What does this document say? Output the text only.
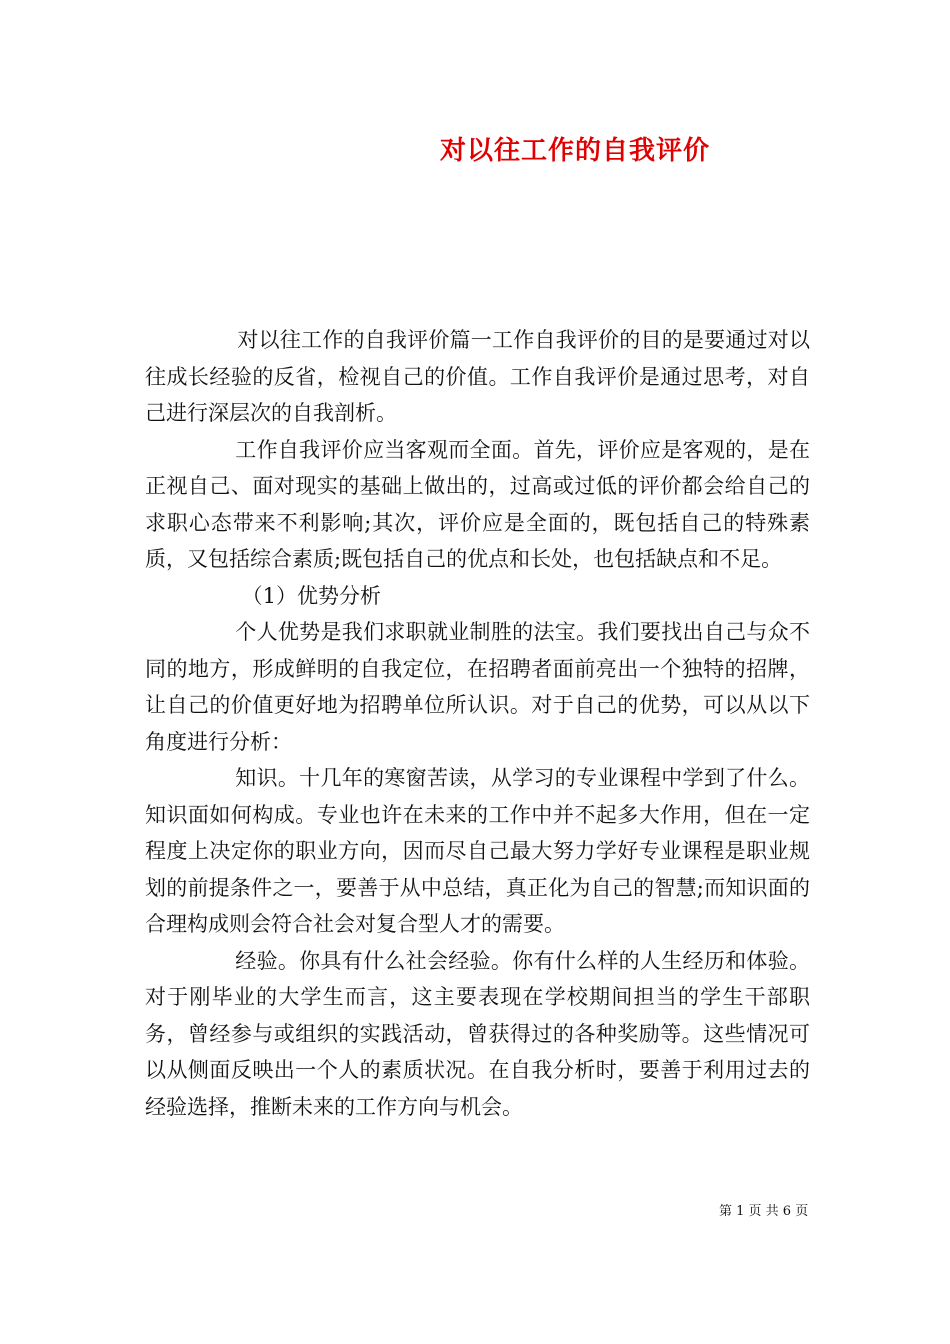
对以往工作的自我评价

对以往工作的自我评价篇一工作自我评价的目的是要通过对以往成长经验的反省，检视自己的价值。工作自我评价是通过思考，对自己进行深层次的自我剖析。

工作自我评价应当客观而全面。首先，评价应是客观的，是在正视自己、面对现实的基础上做出的，过高或过低的评价都会给自己的求职心态带来不利影响;其次，评价应是全面的，既包括自己的特殊素质，又包括综合素质;既包括自己的优点和长处，也包括缺点和不足。

（1）优势分析

个人优势是我们求职就业制胜的法宝。我们要找出自己与众不同的地方，形成鲜明的自我定位，在招聘者面前亮出一个独特的招牌，让自己的价值更好地为招聘单位所认识。对于自己的优势，可以从以下角度进行分析：

知识。十几年的寒窗苦读，从学习的专业课程中学到了什么。知识面如何构成。专业也许在未来的工作中并不起多大作用，但在一定程度上决定你的职业方向，因而尽自己最大努力学好专业课程是职业规划的前提条件之一，要善于从中总结，真正化为自己的智慧;而知识面的合理构成则会符合社会对复合型人才的需要。

经验。你具有什么社会经验。你有什么样的人生经历和体验。对于刚毕业的大学生而言，这主要表现在学校期间担当的学生干部职务，曾经参与或组织的实践活动，曾获得过的各种奖励等。这些情况可以从侧面反映出一个人的素质状况。在自我分析时，要善于利用过去的经验选择，推断未来的工作方向与机会。

第 1 页 共 6 页
